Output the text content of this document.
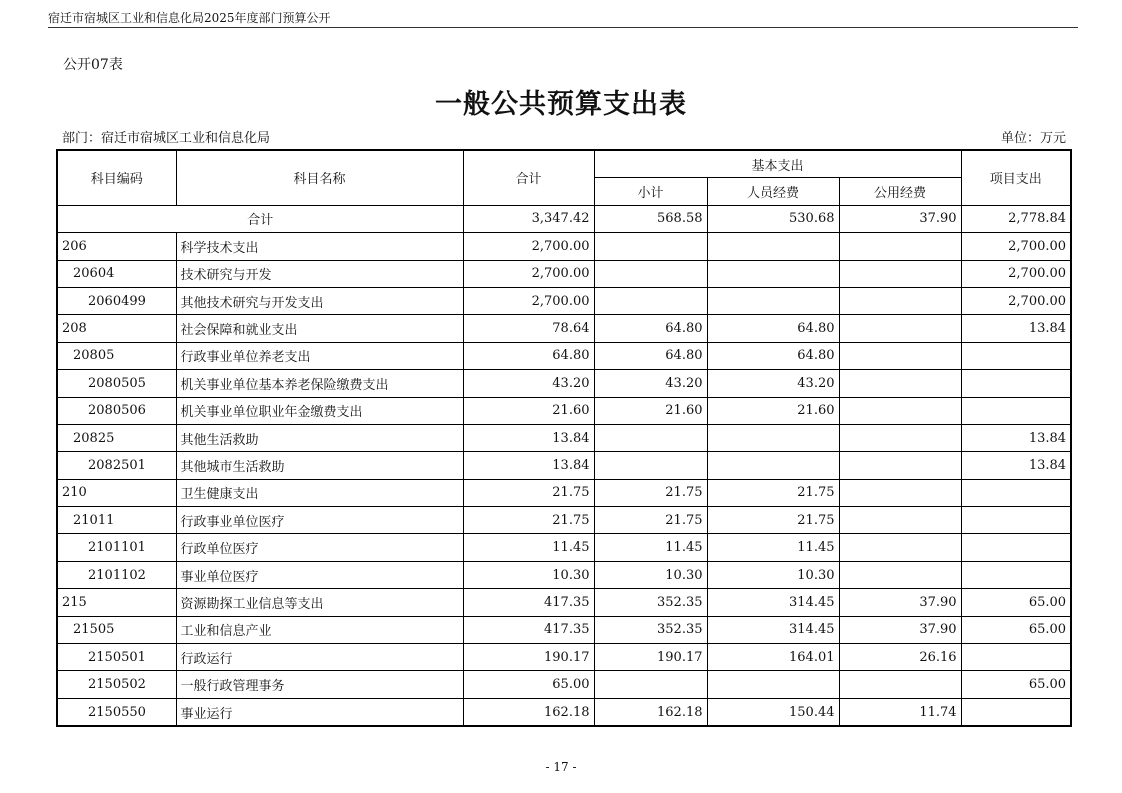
宿迁市宿城区工业和信息化局2025年度部门预算公开
公开07表
一般公共预算支出表
部门：宿迁市宿城区工业和信息化局	单位：万元
科目编码	科目名称	合计	基本支出			项目支出
			小计	人员经费	公用经费	
合计		3,347.42	568.58	530.68	37.90	2,778.84
206	科学技术支出	2,700.00				2,700.00
20604	技术研究与开发	2,700.00				2,700.00
2060499	其他技术研究与开发支出	2,700.00				2,700.00
208	社会保障和就业支出	78.64	64.80	64.80		13.84
20805	行政事业单位养老支出	64.80	64.80	64.80		
2080505	机关事业单位基本养老保险缴费支出	43.20	43.20	43.20		
2080506	机关事业单位职业年金缴费支出	21.60	21.60	21.60		
20825	其他生活救助	13.84				13.84
2082501	其他城市生活救助	13.84				13.84
210	卫生健康支出	21.75	21.75	21.75		
21011	行政事业单位医疗	21.75	21.75	21.75		
2101101	行政单位医疗	11.45	11.45	11.45		
2101102	事业单位医疗	10.30	10.30	10.30		
215	资源勘探工业信息等支出	417.35	352.35	314.45	37.90	65.00
21505	工业和信息产业	417.35	352.35	314.45	37.90	65.00
2150501	行政运行	190.17	190.17	164.01	26.16	
2150502	一般行政管理事务	65.00				65.00
2150550	事业运行	162.18	162.18	150.44	11.74	
- 17 -
